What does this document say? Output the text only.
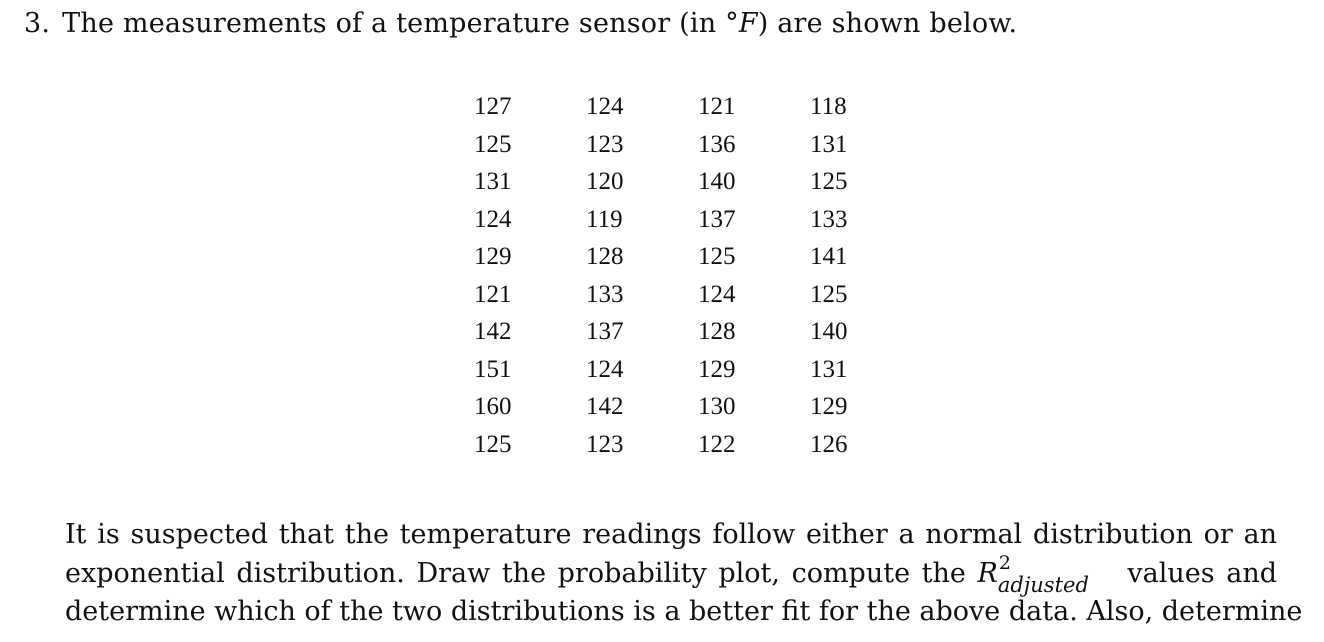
3. The measurements of a temperature sensor (in °F) are shown below.
127	124	121	118
125	123	136	131
131	120	140	125
124	119	137	133
129	128	125	141
121	133	124	125
142	137	128	140
151	124	129	131
160	142	130	129
125	123	122	126
It is suspected that the temperature readings follow either a normal distribution or an
exponential distribution. Draw the probability plot, compute the R 2
adjusted values and
determine which of the two distributions is a better fit for the above data. Also, determine
